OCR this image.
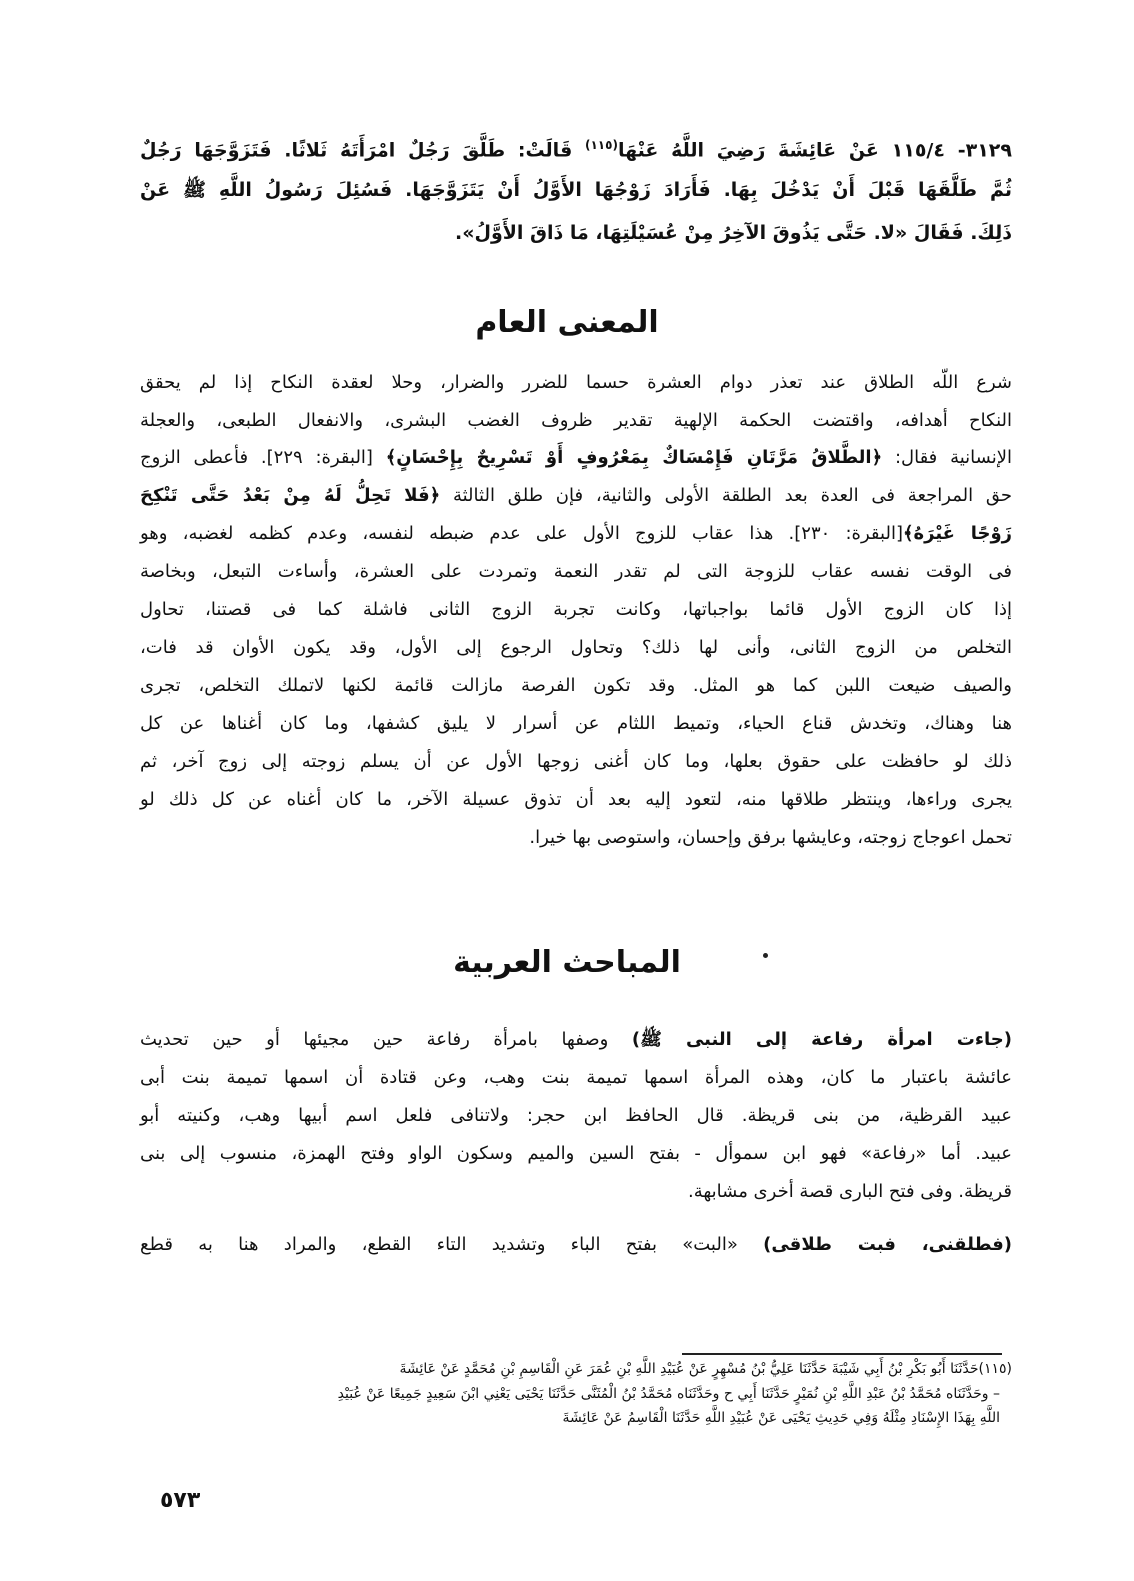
٣١٢٩- ١١٥/٤ عَنْ عَائِشَةَ رَضِيَ اللَّهُ عَنْهَا$^{(١١٥)}$ قَالَتْ: طَلَّقَ رَجُلٌ امْرَأَتَهُ ثَلاثًا. فَتَزَوَّجَهَا رَجُلٌ
ثُمَّ طَلَّقَهَا قَبْلَ أَنْ يَدْخُلَ بِهَا. فَأَرَادَ زَوْجُهَا الأَوَّلُ أَنْ يَتَزَوَّجَهَا. فَسُئِلَ رَسُولُ اللَّهِ ﷺ عَنْ
ذَلِكَ. فَقَالَ «لا. حَتَّى يَذُوقَ الآخِرُ مِنْ عُسَيْلَتِهَا، مَا ذَاقَ الأَوَّلُ».
المعنى العام
شرع اللّه الطلاق عند تعذر دوام العشرة حسما للضرر والضرار، وحلا لعقدة النكاح إذا لم يحقق
النكاح أهدافه، واقتضت الحكمة الإلهية تقدير ظروف الغضب البشرى، والانفعال الطبعى، والعجلة
الإنسانية فقال: ﴿الطَّلاقُ مَرَّتَانِ فَإِمْسَاكٌ بِمَعْرُوفٍ أَوْ تَسْرِيحٌ بِإِحْسَانٍ﴾ [البقرة: ٢٢٩]. فأعطى الزوج
حق المراجعة فى العدة بعد الطلقة الأولى والثانية، فإن طلق الثالثة ﴿فَلا تَحِلُّ لَهُ مِنْ بَعْدُ حَتَّى تَنْكِحَ
زَوْجًا غَيْرَهُ﴾[البقرة: ٢٣٠]. هذا عقاب للزوج الأول على عدم ضبطه لنفسه، وعدم كظمه لغضبه، وهو
فى الوقت نفسه عقاب للزوجة التى لم تقدر النعمة وتمردت على العشرة، وأساءت التبعل، وبخاصة
إذا كان الزوج الأول قائما بواجباتها، وكانت تجربة الزوج الثانى فاشلة كما فى قصتنا، تحاول
التخلص من الزوج الثانى، وأنى لها ذلك؟ وتحاول الرجوع إلى الأول، وقد يكون الأوان قد فات،
والصيف ضيعت اللبن كما هو المثل. وقد تكون الفرصة مازالت قائمة لكنها لاتملك التخلص، تجرى
هنا وهناك، وتخدش قناع الحياء، وتميط اللثام عن أسرار لا يليق كشفها، وما كان أغناها عن كل
ذلك لو حافظت على حقوق بعلها، وما كان أغنى زوجها الأول عن أن يسلم زوجته إلى زوج آخر، ثم
يجرى وراءها، وينتظر طلاقها منه، لتعود إليه بعد أن تذوق عسيلة الآخر، ما كان أغناه عن كل ذلك لو
تحمل اعوجاج زوجته، وعايشها برفق وإحسان، واستوصى بها خيرا.
المباحث العربية
(جاءت امرأة رفاعة إلى النبى ﷺ) وصفها بامرأة رفاعة حين مجيئها أو حين تحديث
عائشة باعتبار ما كان، وهذه المرأة اسمها تميمة بنت وهب، وعن قتادة أن اسمها تميمة بنت أبى
عبيد القرظية، من بنى قريظة. قال الحافظ ابن حجر: ولاتنافى فلعل اسم أبيها وهب، وكنيته أبو
عبيد. أما «رفاعة» فهو ابن سموأل - بفتح السين والميم وسكون الواو وفتح الهمزة، منسوب إلى بنى
قريظة. وفى فتح البارى قصة أخرى مشابهة.
(فطلقنى، فبت طلاقى) «البت» بفتح الباء وتشديد التاء القطع، والمراد هنا به قطع
(١١٥)حَدَّثَنَا أَبُو بَكْرِ بْنُ أَبِي شَيْبَةَ حَدَّثَنَا عَلِيُّ بْنُ مُسْهِرٍ عَنْ عُبَيْدِ اللَّهِ بْنِ عُمَرَ عَنِ الْقَاسِمِ بْنِ مُحَمَّدٍ عَنْ عَائِشَةَ
– وحَدَّثَنَاه مُحَمَّدُ بْنُ عَبْدِ اللَّهِ بْنِ نُمَيْرٍ حَدَّثَنَا أَبِي ح وحَدَّثَنَاه مُحَمَّدُ بْنُ الْمُثَنَّى حَدَّثَنَا يَحْيَى يَعْنِي ابْنَ سَعِيدٍ جَمِيعًا عَنْ عُبَيْدِ
اللَّهِ بِهَذَا الإِسْنَادِ مِثْلَهُ وَفِي حَدِيثِ يَحْيَى عَنْ عُبَيْدِ اللَّهِ حَدَّثَنَا الْقَاسِمُ عَنْ عَائِشَةَ
٥٧٣
